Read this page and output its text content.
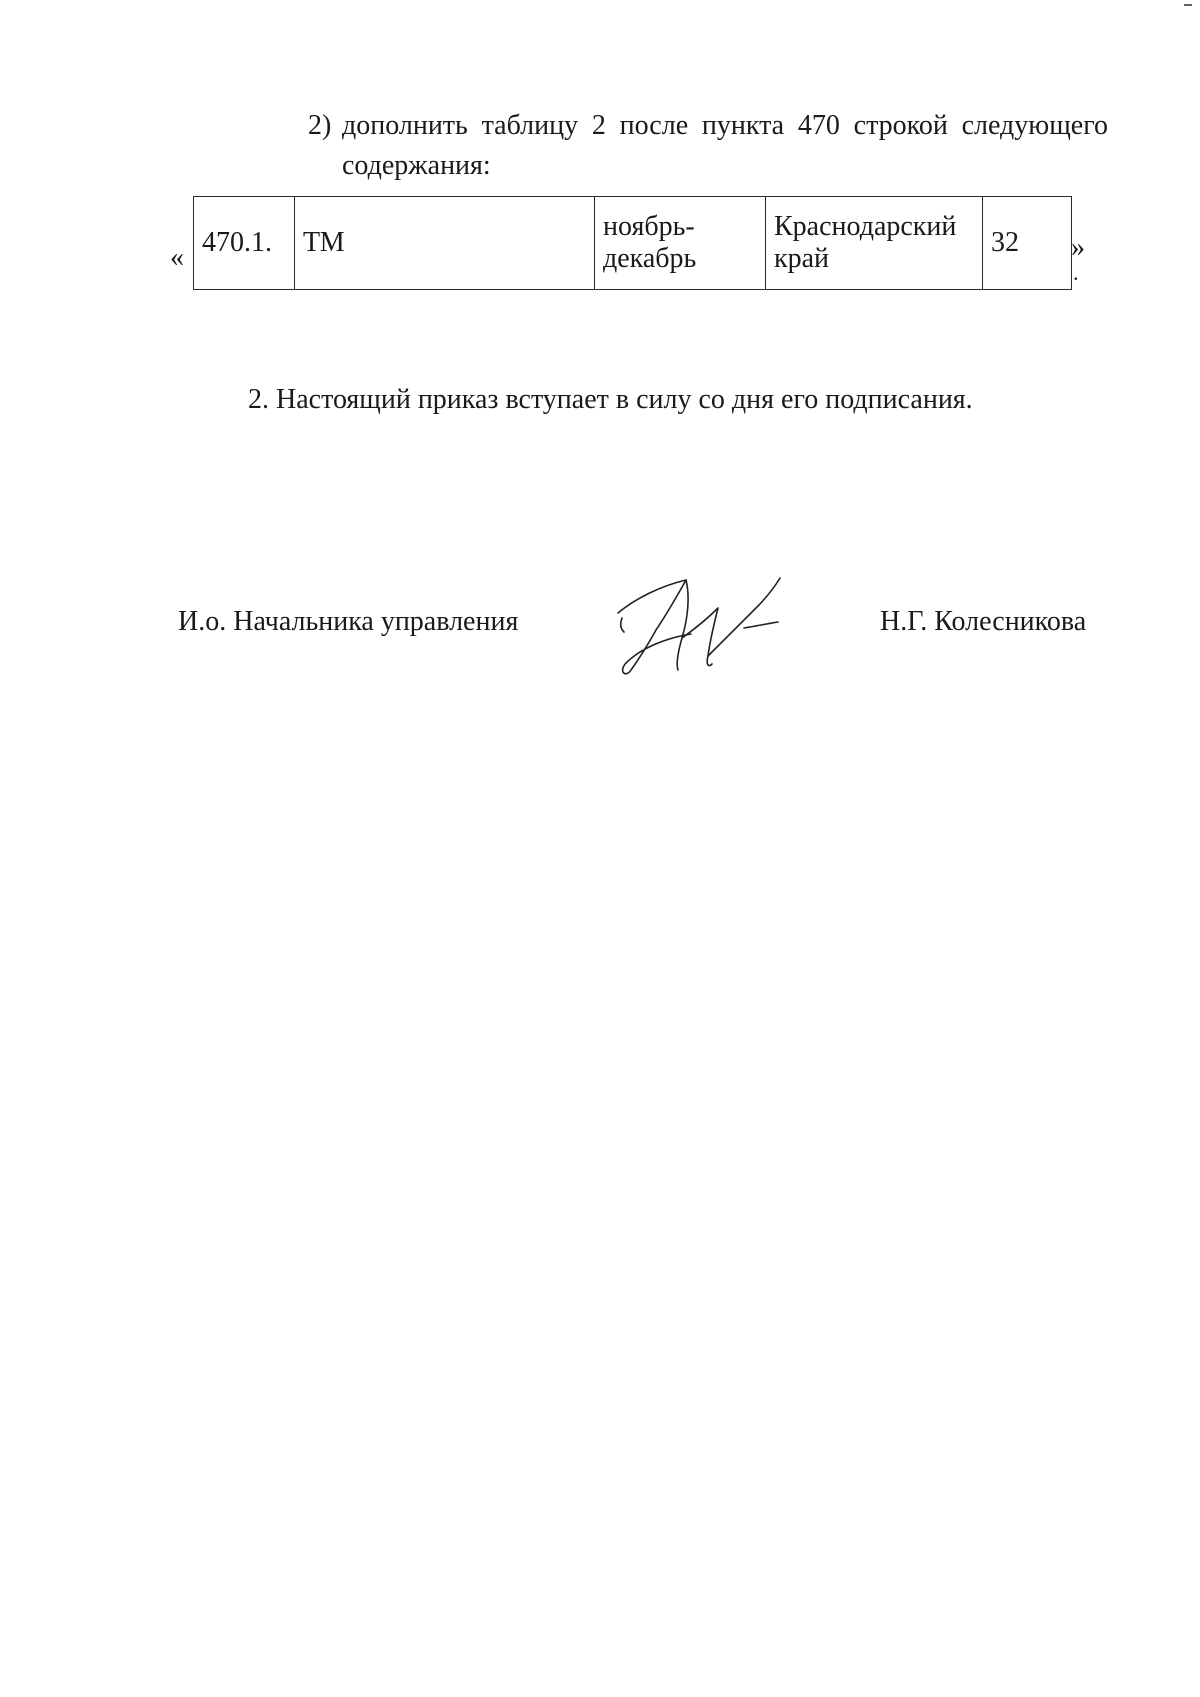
2) дополнить таблицу 2 после пункта 470 строкой следующего содержания:
« 470.1.	ТМ	ноябрь-декабрь	Краснодарский край	32 »
.
2. Настоящий приказ вступает в силу со дня его подписания.
И.о. Начальника управления	Н.Г. Колесникова
